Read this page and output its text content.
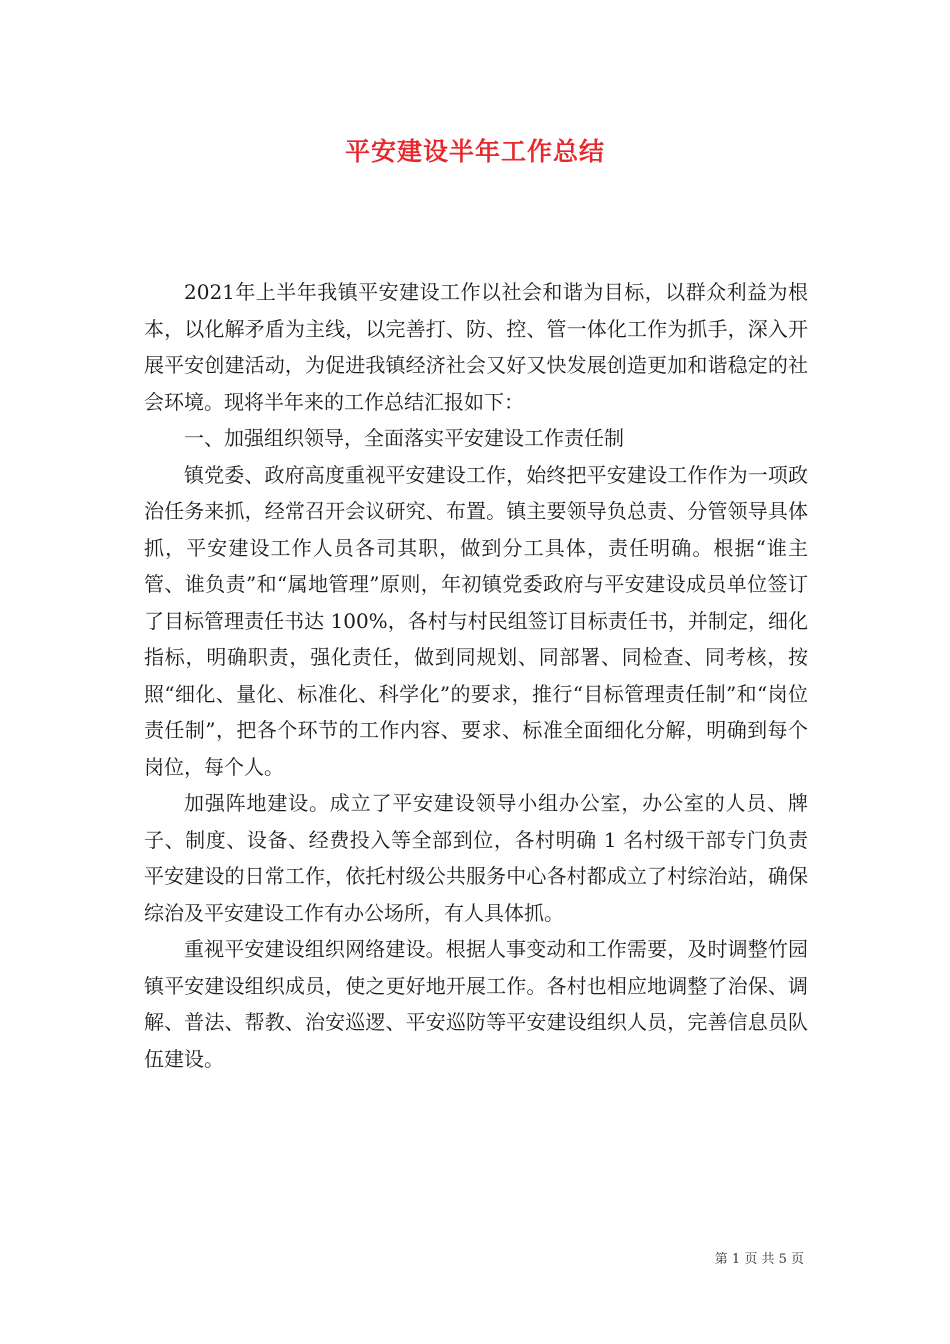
平安建设半年工作总结

2021年上半年我镇平安建设工作以社会和谐为目标，以群众利益为根本，以化解矛盾为主线，以完善打、防、控、管一体化工作为抓手，深入开展平安创建活动，为促进我镇经济社会又好又快发展创造更加和谐稳定的社会环境。现将半年来的工作总结汇报如下：

一、加强组织领导，全面落实平安建设工作责任制

镇党委、政府高度重视平安建设工作，始终把平安建设工作作为一项政治任务来抓，经常召开会议研究、布置。镇主要领导负总责、分管领导具体抓，平安建设工作人员各司其职，做到分工具体，责任明确。根据“谁主管、谁负责”和“属地管理”原则，年初镇党委政府与平安建设成员单位签订了目标管理责任书达 100%，各村与村民组签订目标责任书，并制定，细化指标，明确职责，强化责任，做到同规划、同部署、同检查、同考核，按照“细化、量化、标准化、科学化”的要求，推行“目标管理责任制”和“岗位责任制”，把各个环节的工作内容、要求、标准全面细化分解，明确到每个岗位，每个人。

加强阵地建设。成立了平安建设领导小组办公室，办公室的人员、牌子、制度、设备、经费投入等全部到位，各村明确 1 名村级干部专门负责平安建设的日常工作，依托村级公共服务中心各村都成立了村综治站，确保综治及平安建设工作有办公场所，有人具体抓。

重视平安建设组织网络建设。根据人事变动和工作需要，及时调整竹园镇平安建设组织成员，使之更好地开展工作。各村也相应地调整了治保、调解、普法、帮教、治安巡逻、平安巡防等平安建设组织人员，完善信息员队伍建设。

第 1 页 共 5 页
